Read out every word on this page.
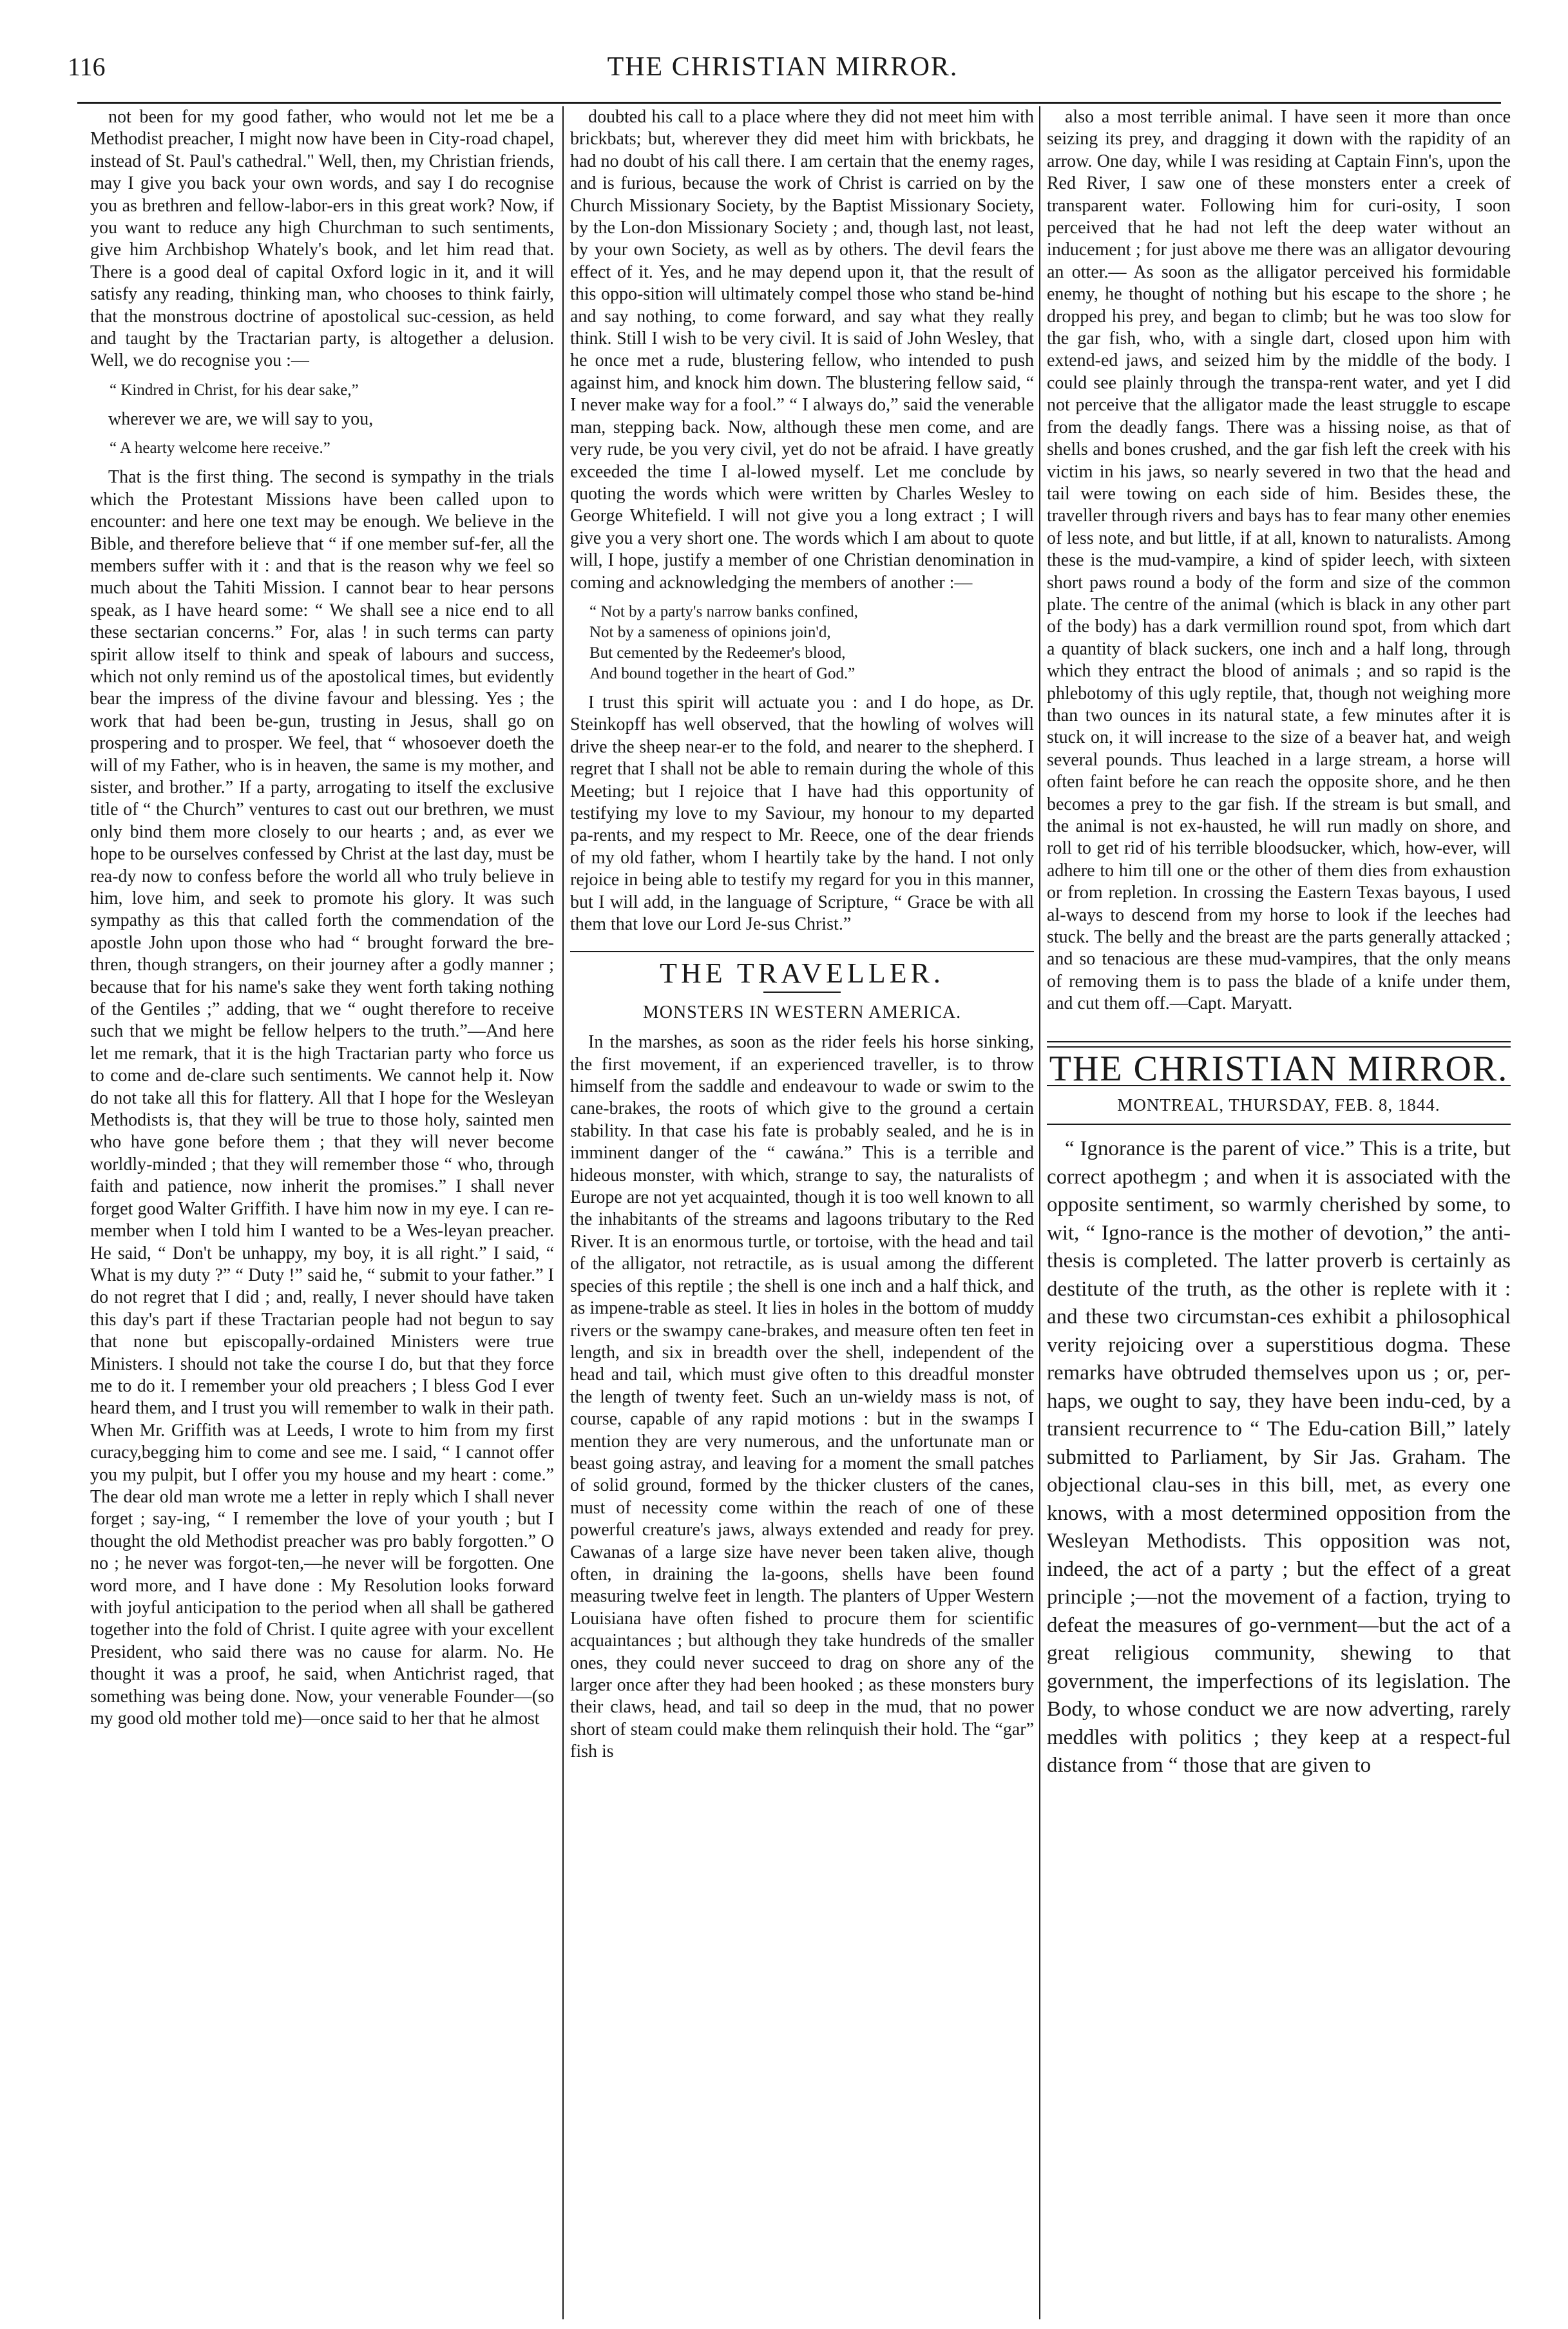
116	THE CHRISTIAN MIRROR.

not been for my good father, who would not let me be a Methodist preacher, I might now have been in City-road chapel, instead of St. Paul's cathedral." Well, then, my Christian friends, may I give you back your own words, and say I do recognise you as brethren and fellow-labor-ers in this great work? Now, if you want to reduce any high Churchman to such sentiments, give him Archbishop Whately's book, and let him read that. There is a good deal of capital Oxford logic in it, and it will satisfy any reading, thinking man, who chooses to think fairly, that the monstrous doctrine of apostolical suc-cession, as held and taught by the Tractarian party, is altogether a delusion. Well, we do recognise you :—

“ Kindred in Christ, for his dear sake,”

wherever we are, we will say to you,

“ A hearty welcome here receive.”

That is the first thing. The second is sympathy in the trials which the Protestant Missions have been called upon to encounter: and here one text may be enough. We believe in the Bible, and therefore believe that “ if one member suf-fer, all the members suffer with it : and that is the reason why we feel so much about the Tahiti Mission. I cannot bear to hear persons speak, as I have heard some: “ We shall see a nice end to all these sectarian concerns.” For, alas ! in such terms can party spirit allow itself to think and speak of labours and success, which not only remind us of the apostolical times, but evidently bear the impress of the divine favour and blessing. Yes ; the work that had been be-gun, trusting in Jesus, shall go on prospering and to prosper. We feel, that “ whosoever doeth the will of my Father, who is in heaven, the same is my mother, and sister, and brother.” If a party, arrogating to itself the exclusive title of “ the Church” ventures to cast out our brethren, we must only bind them more closely to our hearts ; and, as ever we hope to be ourselves confessed by Christ at the last day, must be rea-dy now to confess before the world all who truly believe in him, love him, and seek to promote his glory. It was such sympathy as this that called forth the commendation of the apostle John upon those who had “ brought forward the bre-thren, though strangers, on their journey after a godly manner ; because that for his name's sake they went forth taking nothing of the Gentiles ;” adding, that we “ ought therefore to receive such that we might be fellow helpers to the truth.”—And here let me remark, that it is the high Tractarian party who force us to come and de-clare such sentiments. We cannot help it. Now do not take all this for flattery. All that I hope for the Wesleyan Methodists is, that they will be true to those holy, sainted men who have gone before them ; that they will never become worldly-minded ; that they will remember those “ who, through faith and patience, now inherit the promises.” I shall never forget good Walter Griffith. I have him now in my eye. I can re-member when I told him I wanted to be a Wes-leyan preacher. He said, “ Don't be unhappy, my boy, it is all right.” I said, “ What is my duty ?” “ Duty !” said he, “ submit to your father.” I do not regret that I did ; and, really, I never should have taken this day's part if these Tractarian people had not begun to say that none but episcopally-ordained Ministers were true Ministers. I should not take the course I do, but that they force me to do it. I remember your old preachers ; I bless God I ever heard them, and I trust you will remember to walk in their path. When Mr. Griffith was at Leeds, I wrote to him from my first curacy,begging him to come and see me. I said, “ I cannot offer you my pulpit, but I offer you my house and my heart : come.” The dear old man wrote me a letter in reply which I shall never forget ; say-ing, “ I remember the love of your youth ; but I thought the old Methodist preacher was pro bably forgotten.” O no ; he never was forgot-ten,—he never will be forgotten. One word more, and I have done : My Resolution looks forward with joyful anticipation to the period when all shall be gathered together into the fold of Christ. I quite agree with your excellent President, who said there was no cause for alarm. No. He thought it was a proof, he said, when Antichrist raged, that something was being done. Now, your venerable Founder—(so my good old mother told me)—once said to her that he almost

doubted his call to a place where they did not meet him with brickbats; but, wherever they did meet him with brickbats, he had no doubt of his call there. I am certain that the enemy rages, and is furious, because the work of Christ is carried on by the Church Missionary Society, by the Baptist Missionary Society, by the Lon-don Missionary Society ; and, though last, not least, by your own Society, as well as by others. The devil fears the effect of it. Yes, and he may depend upon it, that the result of this oppo-sition will ultimately compel those who stand be-hind and say nothing, to come forward, and say what they really think. Still I wish to be very civil. It is said of John Wesley, that he once met a rude, blustering fellow, who intended to push against him, and knock him down. The blustering fellow said, “ I never make way for a fool.” “ I always do,” said the venerable man, stepping back. Now, although these men come, and are very rude, be you very civil, yet do not be afraid. I have greatly exceeded the time I al-lowed myself. Let me conclude by quoting the words which were written by Charles Wesley to George Whitefield. I will not give you a long extract ; I will give you a very short one. The words which I am about to quote will, I hope, justify a member of one Christian denomination in coming and acknowledging the members of another :—

“ Not by a party's narrow banks confined,
Not by a sameness of opinions join'd,
But cemented by the Redeemer's blood,
And bound together in the heart of God.”

I trust this spirit will actuate you : and I do hope, as Dr. Steinkopff has well observed, that the howling of wolves will drive the sheep near-er to the fold, and nearer to the shepherd. I regret that I shall not be able to remain during the whole of this Meeting; but I rejoice that I have had this opportunity of testifying my love to my Saviour, my honour to my departed pa-rents, and my respect to Mr. Reece, one of the dear friends of my old father, whom I heartily take by the hand. I not only rejoice in being able to testify my regard for you in this manner, but I will add, in the language of Scripture, “ Grace be with all them that love our Lord Je-sus Christ.”

THE TRAVELLER.
MONSTERS IN WESTERN AMERICA.

In the marshes, as soon as the rider feels his horse sinking, the first movement, if an experienced traveller, is to throw himself from the saddle and endeavour to wade or swim to the cane-brakes, the roots of which give to the ground a certain stability. In that case his fate is probably sealed, and he is in imminent danger of the “ cawána.” This is a terrible and hideous monster, with which, strange to say, the naturalists of Europe are not yet acquainted, though it is too well known to all the inhabitants of the streams and lagoons tributary to the Red River. It is an enormous turtle, or tortoise, with the head and tail of the alligator, not retractile, as is usual among the different species of this reptile ; the shell is one inch and a half thick, and as impene-trable as steel. It lies in holes in the bottom of muddy rivers or the swampy cane-brakes, and measure often ten feet in length, and six in breadth over the shell, independent of the head and tail, which must give often to this dreadful monster the length of twenty feet. Such an un-wieldy mass is not, of course, capable of any rapid motions : but in the swamps I mention they are very numerous, and the unfortunate man or beast going astray, and leaving for a moment the small patches of solid ground, formed by the thicker clusters of the canes, must of necessity come within the reach of one of these powerful creature's jaws, always extended and ready for prey. Cawanas of a large size have never been taken alive, though often, in draining the la-goons, shells have been found measuring twelve feet in length. The planters of Upper Western Louisiana have often fished to procure them for scientific acquaintances ; but although they take hundreds of the smaller ones, they could never succeed to drag on shore any of the larger once after they had been hooked ; as these monsters bury their claws, head, and tail so deep in the mud, that no power short of steam could make them relinquish their hold. The “gar” fish is

also a most terrible animal. I have seen it more than once seizing its prey, and dragging it down with the rapidity of an arrow. One day, while I was residing at Captain Finn's, upon the Red River, I saw one of these monsters enter a creek of transparent water. Following him for curi-osity, I soon perceived that he had not left the deep water without an inducement ; for just above me there was an alligator devouring an otter.— As soon as the alligator perceived his formidable enemy, he thought of nothing but his escape to the shore ; he dropped his prey, and began to climb; but he was too slow for the gar fish, who, with a single dart, closed upon him with extend-ed jaws, and seized him by the middle of the body. I could see plainly through the transpa-rent water, and yet I did not perceive that the alligator made the least struggle to escape from the deadly fangs. There was a hissing noise, as that of shells and bones crushed, and the gar fish left the creek with his victim in his jaws, so nearly severed in two that the head and tail were towing on each side of him. Besides these, the traveller through rivers and bays has to fear many other enemies of less note, and but little, if at all, known to naturalists. Among these is the mud-vampire, a kind of spider leech, with sixteen short paws round a body of the form and size of the common plate. The centre of the animal (which is black in any other part of the body) has a dark vermillion round spot, from which dart a quantity of black suckers, one inch and a half long, through which they entract the blood of animals ; and so rapid is the phlebotomy of this ugly reptile, that, though not weighing more than two ounces in its natural state, a few minutes after it is stuck on, it will increase to the size of a beaver hat, and weigh several pounds. Thus leached in a large stream, a horse will often faint before he can reach the opposite shore, and he then becomes a prey to the gar fish. If the stream is but small, and the animal is not ex-hausted, he will run madly on shore, and roll to get rid of his terrible bloodsucker, which, how-ever, will adhere to him till one or the other of them dies from exhaustion or from repletion. In crossing the Eastern Texas bayous, I used al-ways to descend from my horse to look if the leeches had stuck. The belly and the breast are the parts generally attacked ; and so tenacious are these mud-vampires, that the only means of removing them is to pass the blade of a knife under them, and cut them off.—Capt. Maryatt.

THE CHRISTIAN MIRROR.
MONTREAL, THURSDAY, FEB. 8, 1844.

“ Ignorance is the parent of vice.” This is a trite, but correct apothegm ; and when it is associated with the opposite sentiment, so warmly cherished by some, to wit, “ Igno-rance is the mother of devotion,” the anti-thesis is completed. The latter proverb is certainly as destitute of the truth, as the other is replete with it : and these two circumstan-ces exhibit a philosophical verity rejoicing over a superstitious dogma. These remarks have obtruded themselves upon us ; or, per-haps, we ought to say, they have been indu-ced, by a transient recurrence to “ The Edu-cation Bill,” lately submitted to Parliament, by Sir Jas. Graham. The objectional clau-ses in this bill, met, as every one knows, with a most determined opposition from the Wesleyan Methodists. This opposition was not, indeed, the act of a party ; but the effect of a great principle ;—not the movement of a faction, trying to defeat the measures of go-vernment—but the act of a great religious community, shewing to that government, the imperfections of its legislation. The Body, to whose conduct we are now adverting, rarely meddles with politics ; they keep at a respect-ful distance from “ those that are given to
